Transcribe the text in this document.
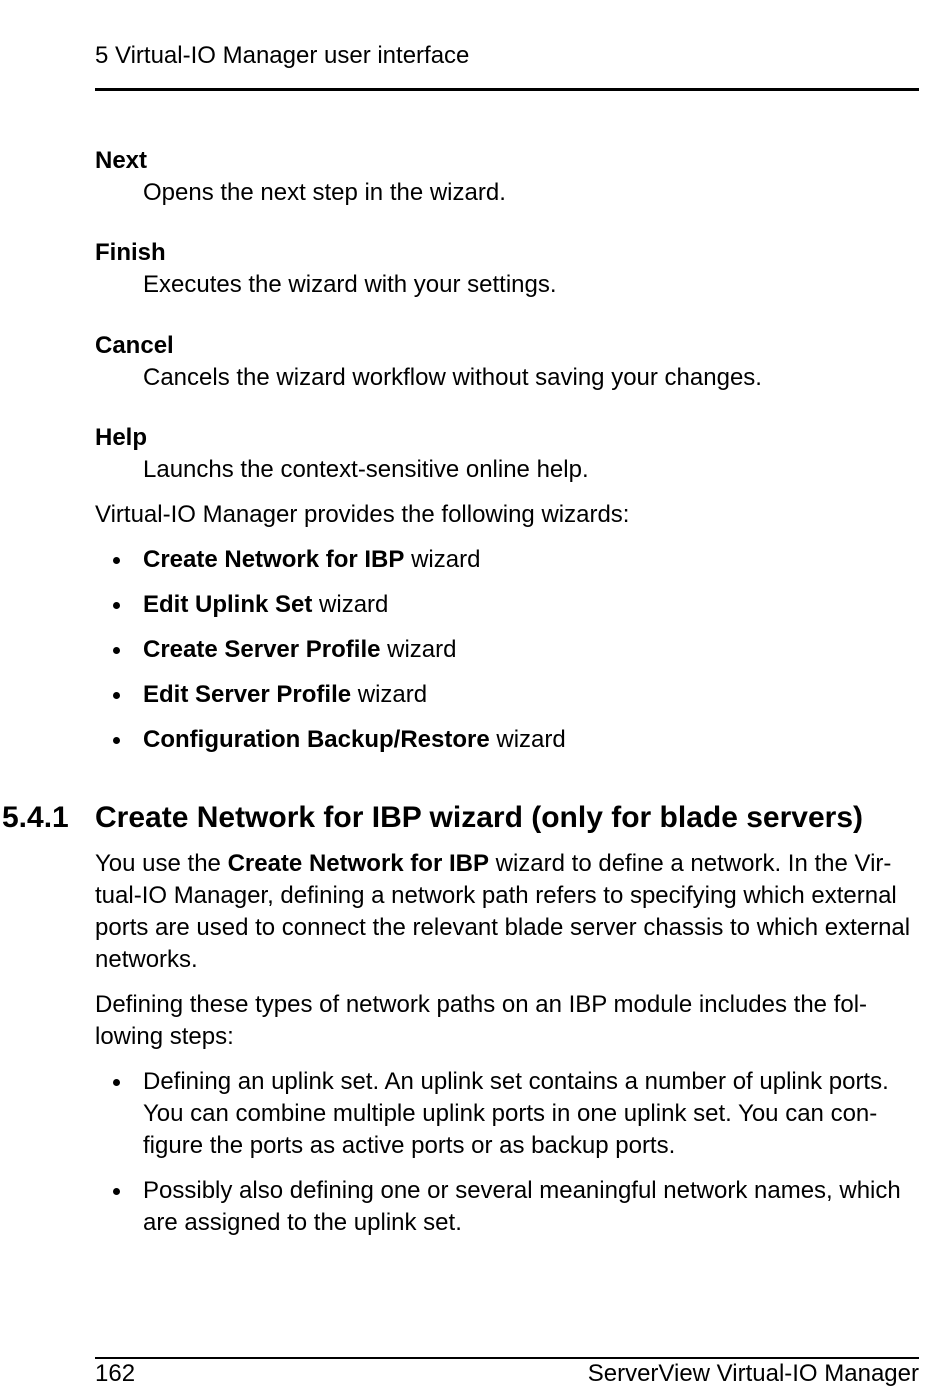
5 Virtual-IO Manager user interface
Next
Opens the next step in the wizard.
Finish
Executes the wizard with your settings.
Cancel
Cancels the wizard workflow without saving your changes.
Help
Launchs the context-sensitive online help.
Virtual-IO Manager provides the following wizards:
Create Network for IBP wizard
Edit Uplink Set wizard
Create Server Profile wizard
Edit Server Profile wizard
Configuration Backup/Restore wizard
5.4.1 Create Network for IBP wizard (only for blade servers)
You use the Create Network for IBP wizard to define a network. In the Vir-
tual-IO Manager, defining a network path refers to specifying which external
ports are used to connect the relevant blade server chassis to which external
networks.
Defining these types of network paths on an IBP module includes the fol-
lowing steps:
Defining an uplink set. An uplink set contains a number of uplink ports.
You can combine multiple uplink ports in one uplink set. You can con-
figure the ports as active ports or as backup ports.
Possibly also defining one or several meaningful network names, which
are assigned to the uplink set.
162	ServerView Virtual-IO Manager
